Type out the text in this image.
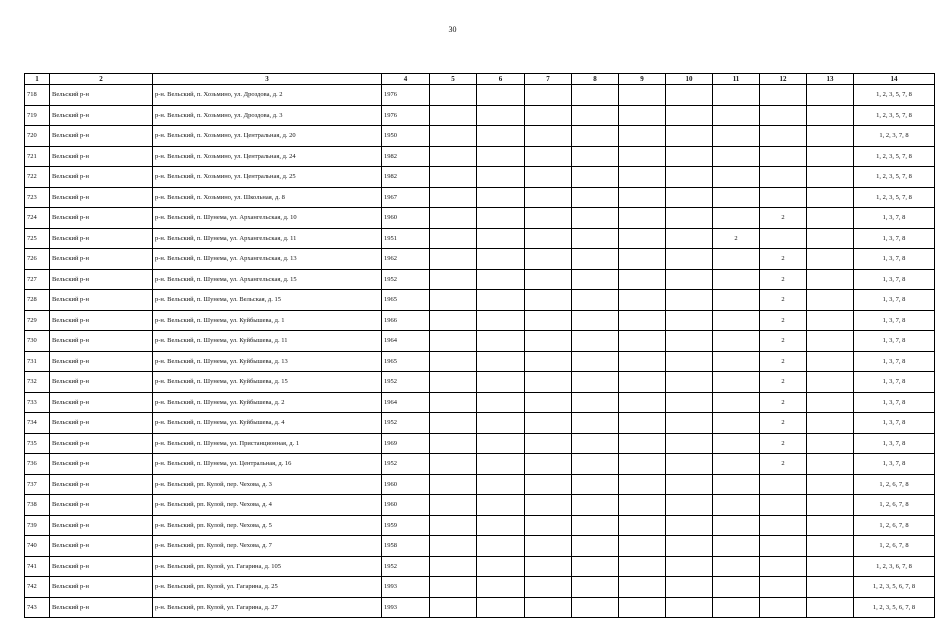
30
1	2	3	4	5	6	7	8	9	10	11	12	13	14
718	Вельский р-н	р-н. Вельский, п. Хозьмино, ул. Дроздова, д. 2	1976										1, 2, 3, 5, 7, 8
719	Вельский р-н	р-н. Вельский, п. Хозьмино, ул. Дроздова, д. 3	1976										1, 2, 3, 5, 7, 8
720	Вельский р-н	р-н. Вельский, п. Хозьмино, ул. Центральная, д. 20	1950										1, 2, 3, 7, 8
721	Вельский р-н	р-н. Вельский, п. Хозьмино, ул. Центральная, д. 24	1982										1, 2, 3, 5, 7, 8
722	Вельский р-н	р-н. Вельский, п. Хозьмино, ул. Центральная, д. 25	1982										1, 2, 3, 5, 7, 8
723	Вельский р-н	р-н. Вельский, п. Хозьмино, ул. Школьная, д. 8	1967										1, 2, 3, 5, 7, 8
724	Вельский р-н	р-н. Вельский, п. Шунема, ул. Архангельская, д. 10	1960								2		1, 3, 7, 8
725	Вельский р-н	р-н. Вельский, п. Шунема, ул. Архангельская, д. 11	1951							2			1, 3, 7, 8
726	Вельский р-н	р-н. Вельский, п. Шунема, ул. Архангельская, д. 13	1962								2		1, 3, 7, 8
727	Вельский р-н	р-н. Вельский, п. Шунема, ул. Архангельская, д. 15	1952								2		1, 3, 7, 8
728	Вельский р-н	р-н. Вельский, п. Шунема, ул. Вельская, д. 15	1965								2		1, 3, 7, 8
729	Вельский р-н	р-н. Вельский, п. Шунема, ул. Куйбышева, д. 1	1966								2		1, 3, 7, 8
730	Вельский р-н	р-н. Вельский, п. Шунема, ул. Куйбышева, д. 11	1964								2		1, 3, 7, 8
731	Вельский р-н	р-н. Вельский, п. Шунема, ул. Куйбышева, д. 13	1965								2		1, 3, 7, 8
732	Вельский р-н	р-н. Вельский, п. Шунема, ул. Куйбышева, д. 15	1952								2		1, 3, 7, 8
733	Вельский р-н	р-н. Вельский, п. Шунема, ул. Куйбышева, д. 2	1964								2		1, 3, 7, 8
734	Вельский р-н	р-н. Вельский, п. Шунема, ул. Куйбышева, д. 4	1952								2		1, 3, 7, 8
735	Вельский р-н	р-н. Вельский, п. Шунема, ул. Пристанционная, д. 1	1969								2		1, 3, 7, 8
736	Вельский р-н	р-н. Вельский, п. Шунема, ул. Центральная, д. 16	1952								2		1, 3, 7, 8
737	Вельский р-н	р-н. Вельский, рп. Кулой, пер. Чехова, д. 3	1960										1, 2, 6, 7, 8
738	Вельский р-н	р-н. Вельский, рп. Кулой, пер. Чехова, д. 4	1960										1, 2, 6, 7, 8
739	Вельский р-н	р-н. Вельский, рп. Кулой, пер. Чехова, д. 5	1959										1, 2, 6, 7, 8
740	Вельский р-н	р-н. Вельский, рп. Кулой, пер. Чехова, д. 7	1958										1, 2, 6, 7, 8
741	Вельский р-н	р-н. Вельский, рп. Кулой, ул. Гагарина, д. 105	1952										1, 2, 3, 6, 7, 8
742	Вельский р-н	р-н. Вельский, рп. Кулой, ул. Гагарина, д. 25	1993										1, 2, 3, 5, 6, 7, 8
743	Вельский р-н	р-н. Вельский, рп. Кулой, ул. Гагарина, д. 27	1993										1, 2, 3, 5, 6, 7, 8
